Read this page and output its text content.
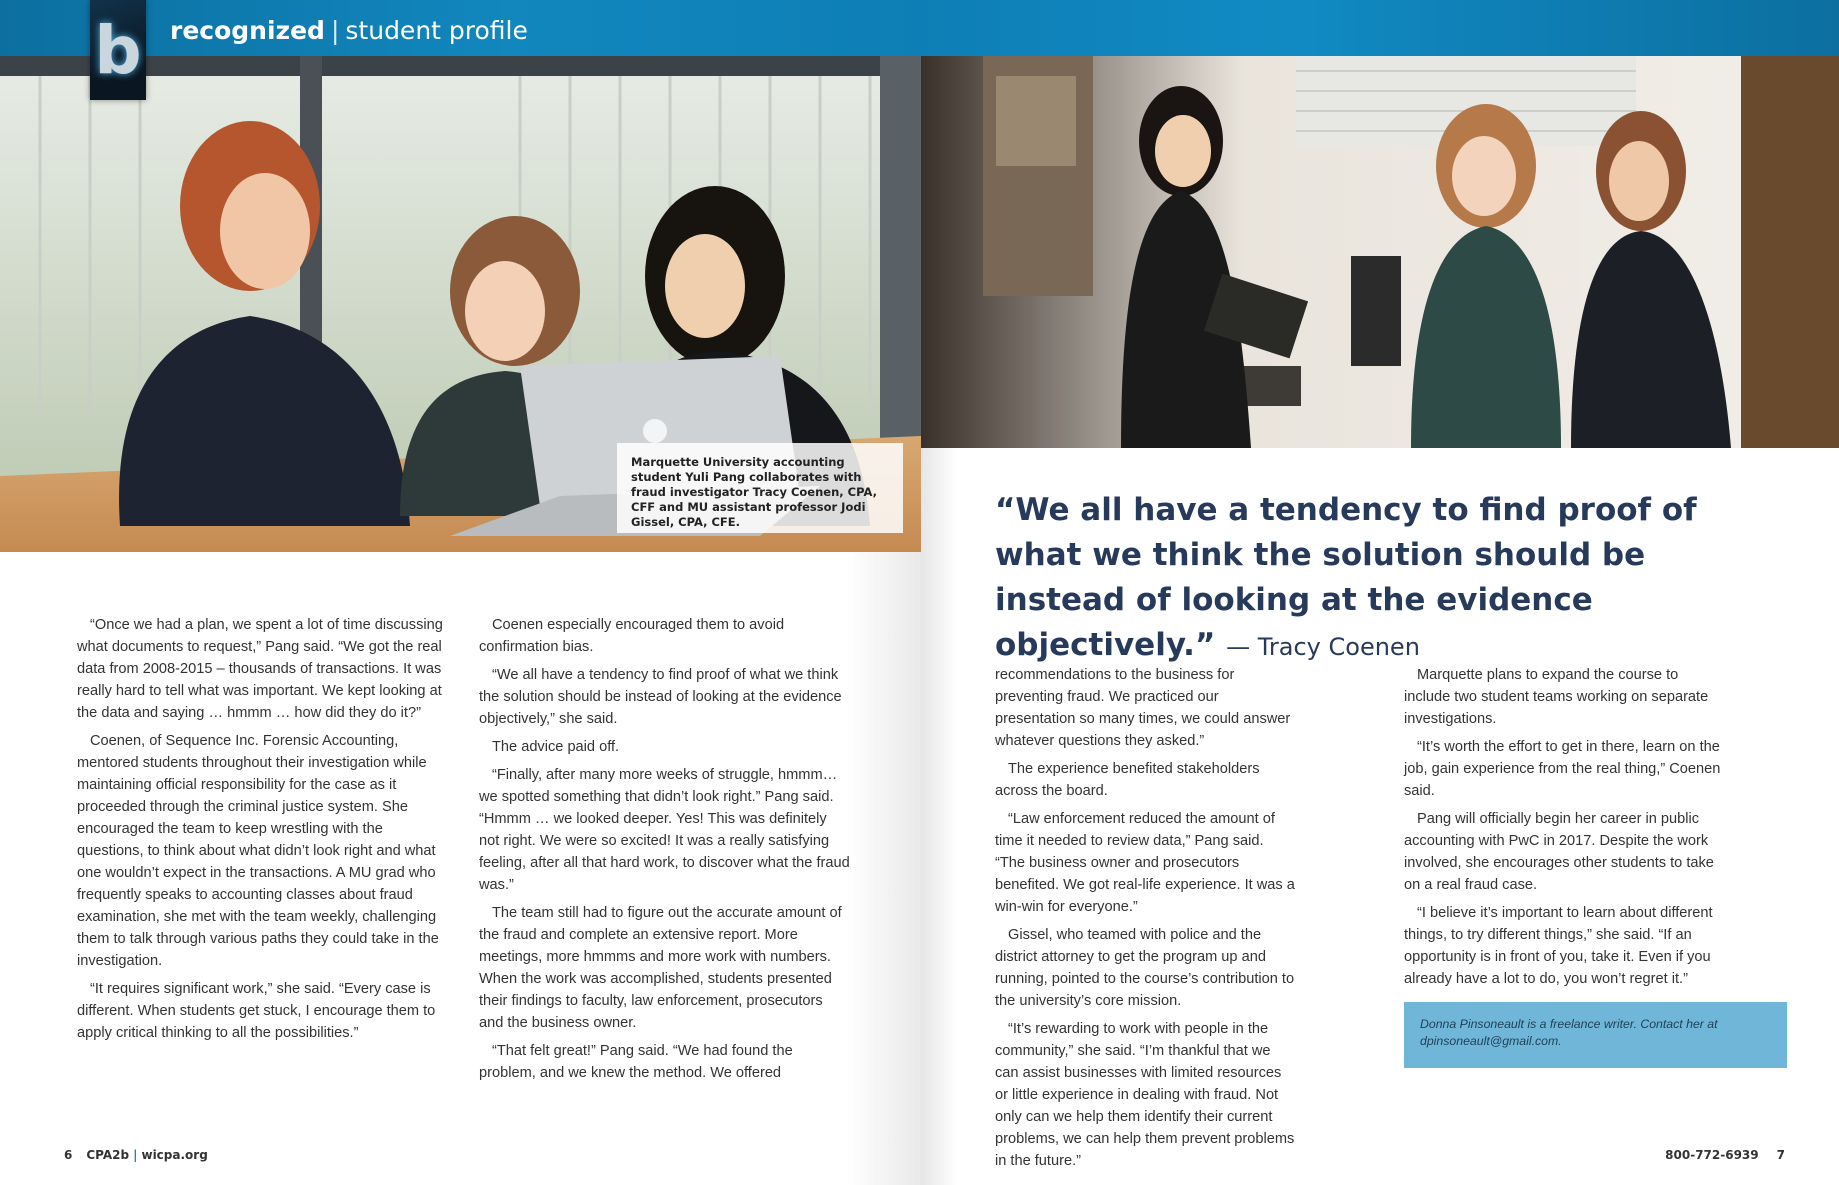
b recognized | student profile
Marquette University accounting student Yuli Pang collaborates with fraud investigator Tracy Coenen, CPA, CFF and MU assistant professor Jodi Gissel, CPA, CFE.

“Once we had a plan, we spent a lot of time discussing what documents to request,” Pang said. “We got the real data from 2008-2015 – thousands of transactions. It was really hard to tell what was important. We kept looking at the data and saying … hmmm … how did they do it?”

Coenen, of Sequence Inc. Forensic Accounting, mentored students throughout their investigation while maintaining official responsibility for the case as it proceeded through the criminal justice system. She encouraged the team to keep wrestling with the questions, to think about what didn’t look right and what one wouldn’t expect in the transactions. A MU grad who frequently speaks to accounting classes about fraud examination, she met with the team weekly, challenging them to talk through various paths they could take in the investigation.

“It requires significant work,” she said. “Every case is different. When students get stuck, I encourage them to apply critical thinking to all the possibilities.”

Coenen especially encouraged them to avoid confirmation bias.

“We all have a tendency to find proof of what we think the solution should be instead of looking at the evidence objectively,” she said.

The advice paid off.

“Finally, after many more weeks of struggle, hmmm…we spotted something that didn’t look right.” Pang said. “Hmmm … we looked deeper. Yes! This was definitely not right. We were so excited! It was a really satisfying feeling, after all that hard work, to discover what the fraud was.”

The team still had to figure out the accurate amount of the fraud and complete an extensive report. More meetings, more hmmms and more work with numbers. When the work was accomplished, students presented their findings to faculty, law enforcement, prosecutors and the business owner.

“That felt great!” Pang said. “We had found the problem, and we knew the method. We offered

6 CPA2b | wicpa.org
“We all have a tendency to find proof of what we think the solution should be instead of looking at the evidence objectively.” — Tracy Coenen

recommendations to the business for preventing fraud. We practiced our presentation so many times, we could answer whatever questions they asked.”

The experience benefited stakeholders across the board.

“Law enforcement reduced the amount of time it needed to review data,” Pang said. “The business owner and prosecutors benefited. We got real-life experience. It was a win-win for everyone.”

Gissel, who teamed with police and the district attorney to get the program up and running, pointed to the course’s contribution to the university’s core mission.

“It’s rewarding to work with people in the community,” she said. “I’m thankful that we can assist businesses with limited resources or little experience in dealing with fraud. Not only can we help them identify their current problems, we can help them prevent problems in the future.”

Marquette plans to expand the course to include two student teams working on separate investigations.

“It’s worth the effort to get in there, learn on the job, gain experience from the real thing,” Coenen said.

Pang will officially begin her career in public accounting with PwC in 2017. Despite the work involved, she encourages other students to take on a real fraud case.

“I believe it’s important to learn about different things, to try different things,” she said. “If an opportunity is in front of you, take it. Even if you already have a lot to do, you won’t regret it.”

Donna Pinsoneault is a freelance writer. Contact her at dpinsoneault@gmail.com.
800-772-6939 7
